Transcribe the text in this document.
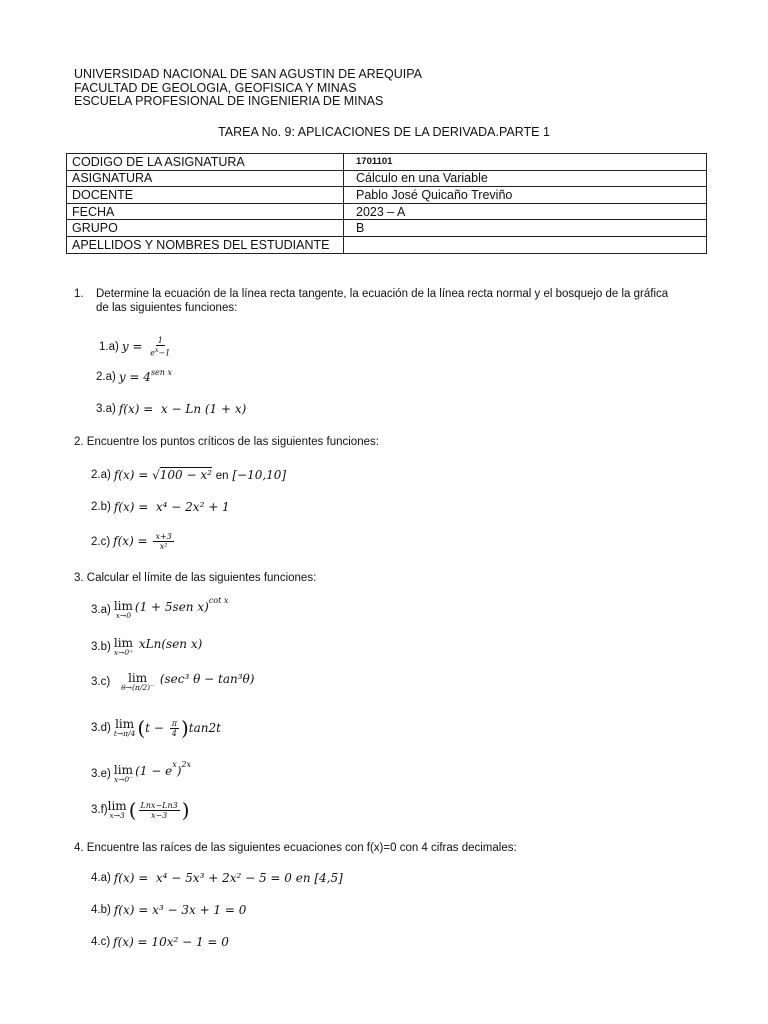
UNIVERSIDAD NACIONAL DE SAN AGUSTIN DE AREQUIPA
FACULTAD DE GEOLOGIA, GEOFISICA Y MINAS
ESCUELA PROFESIONAL DE INGENIERIA DE MINAS
TAREA No. 9: APLICACIONES DE LA DERIVADA.PARTE 1
CODIGO DE LA ASIGNATURA	1701101
ASIGNATURA	Cálculo en una Variable
DOCENTE	Pablo José Quicaño Treviño
FECHA	2023 – A
GRUPO	B
APELLIDOS Y NOMBRES DEL ESTUDIANTE	
1. Determine la ecuación de la línea recta tangente, la ecuación de la línea recta normal y el bosquejo de la gráfica
de las siguientes funciones:
1.a) $y = \frac{1}{e^x-1}$
2.a) $y = 4^{sen x}$
3.a) f(x) =  x − Ln (1 + x)
2. Encuentre los puntos críticos de las siguientes funciones:
2.a) f(x) = √100 − x² en [−10,10]
2.b) f(x) =  x⁴ − 2x² + 1
2.c) $f(x) = \frac{x+3}{\text{x²}}$
3. Calcular el límite de las siguientes funciones:
3.a) lim
x→0
(1 + 5 sen x ) cot x
3.b) lim
x→0⁺
xLn(sen x)
3.c) lim
θ→(π/2)⁻
(sec³ θ − tan³θ)
3.d) lim
t→π/4 ( $t - \frac{\pi}{4}$ ) tan2t
3.e) lim
x→0⁻
(1 − e x ) 2x
3.f) lim
x→3 ( $\frac{\text{Lnx−Ln3}}{x-3}$ )
4. Encuentre las raíces de las siguientes ecuaciones con f(x)=0 con 4 cifras decimales:
4.a) f(x) =  x⁴ − 5x³ + 2x² − 5 = 0 en [4,5]
4.b) f(x) = x³ − 3x + 1 = 0
4.c) f(x) = 10x² − 1 = 0
